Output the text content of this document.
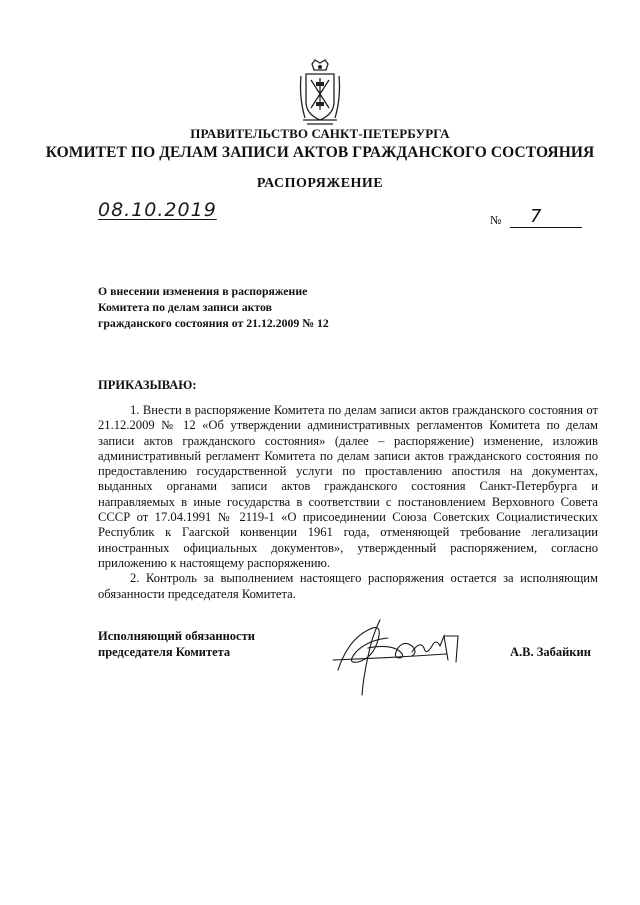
ПРАВИТЕЛЬСТВО САНКТ-ПЕТЕРБУРГА
КОМИТЕТ ПО ДЕЛАМ ЗАПИСИ АКТОВ ГРАЖДАНСКОГО СОСТОЯНИЯ
РАСПОРЯЖЕНИЕ
08.10.2019	№ 7
О внесении изменения в распоряжение
Комитета по делам записи актов
гражданского состояния от 21.12.2009 № 12
ПРИКАЗЫВАЮ:

1. Внести в распоряжение Комитета по делам записи актов гражданского состояния от 21.12.2009 № 12 «Об утверждении административных регламентов Комитета по делам записи актов гражданского состояния» (далее – распоряжение) изменение, изложив административный регламент Комитета по делам записи актов гражданского состояния по предоставлению государственной услуги по проставлению апостиля на документах, выданных органами записи актов гражданского состояния Санкт-Петербурга и направляемых в иные государства в соответствии с постановлением Верховного Совета СССР от 17.04.1991 № 2119-1 «О присоединении Союза Советских Социалистических Республик к Гаагской конвенции 1961 года, отменяющей требование легализации иностранных официальных документов», утвержденный распоряжением, согласно приложению к настоящему распоряжению.

2. Контроль за выполнением настоящего распоряжения остается за исполняющим обязанности председателя Комитета.

Исполняющий обязанности
председателя Комитета	А.В. Забайкин
